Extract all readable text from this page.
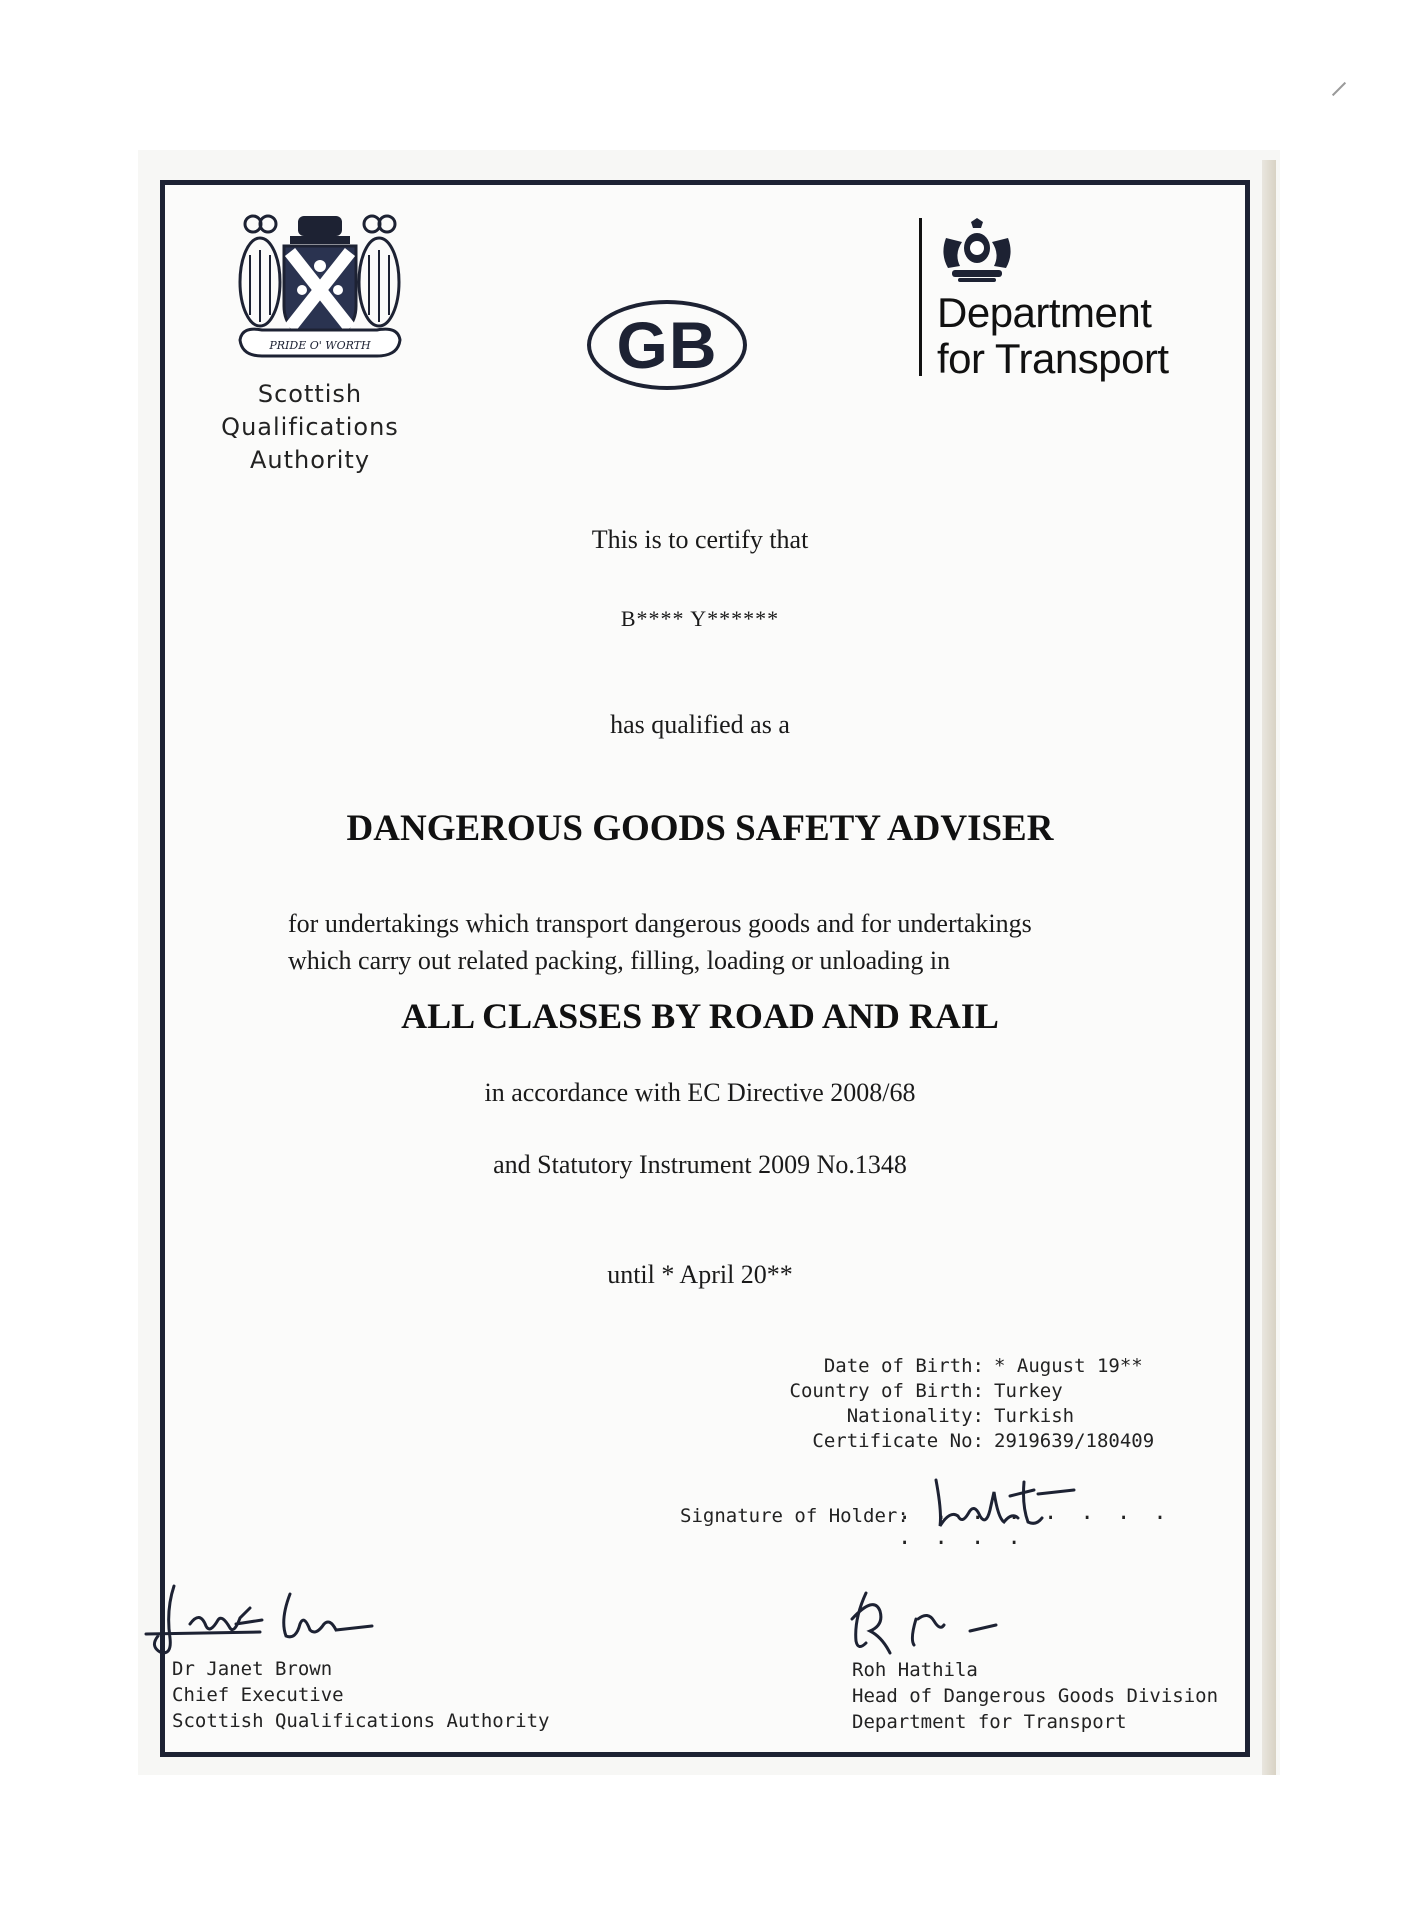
PRIDE O' WORTH
Scottish
Qualifications
Authority
GB	Department
for Transport
This is to certify that
B**** Y******
has qualified as a
DANGEROUS GOODS SAFETY ADVISER
for undertakings which transport dangerous goods and for undertakings
which carry out related packing, filling, loading or unloading in
ALL CLASSES BY ROAD AND RAIL
in accordance with EC Directive 2008/68
and Statutory Instrument 2009 No.1348
until * April 20**
Date of Birth: * August 19**
Country of Birth: Turkey
Nationality: Turkish
Certificate No: 2919639/180409
Signature of Holder:
. . . . . . . . . . . .
Dr Janet Brown
Chief Executive
Scottish Qualifications Authority
Roh Hathila
Head of Dangerous Goods Division
Department for Transport
